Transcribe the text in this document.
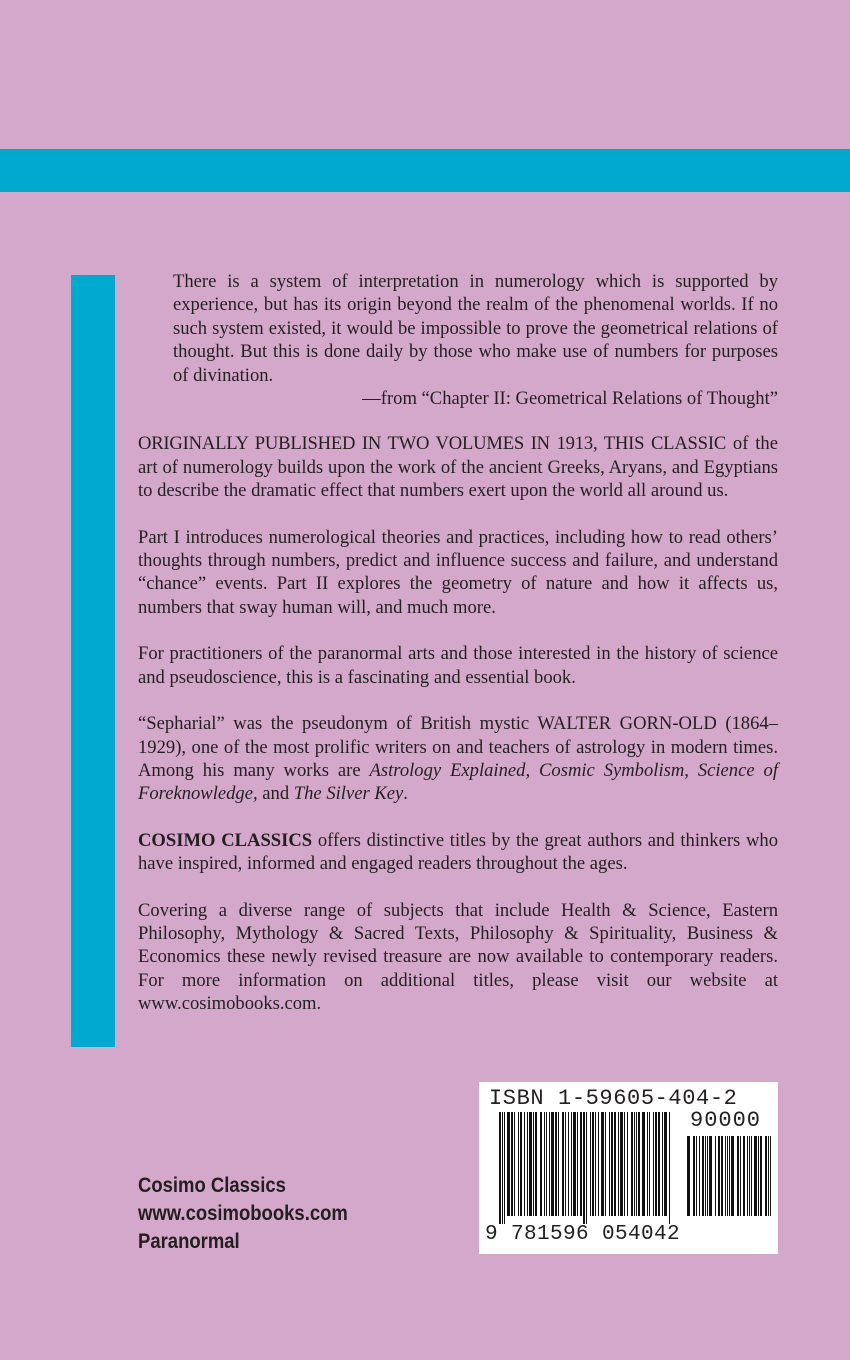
There is a system of interpretation in numerology which is supported by experience, but has its origin beyond the realm of the phenomenal worlds. If no such system existed, it would be impossible to prove the geometrical relations of thought. But this is done daily by those who make use of numbers for purposes of divination.

—from “Chapter II: Geometrical Relations of Thought”

ORIGINALLY PUBLISHED IN TWO VOLUMES IN 1913, THIS CLASSIC of the art of numerology builds upon the work of the ancient Greeks, Aryans, and Egyptians to describe the dramatic effect that numbers exert upon the world all around us.

Part I introduces numerological theories and practices, including how to read others’ thoughts through numbers, predict and influence success and failure, and understand “chance” events. Part II explores the geometry of nature and how it affects us, numbers that sway human will, and much more.

For practitioners of the paranormal arts and those interested in the history of science and pseudoscience, this is a fascinating and essential book.

“Sepharial” was the pseudonym of British mystic WALTER GORN-OLD (1864–1929), one of the most prolific writers on and teachers of astrology in modern times. Among his many works are Astrology Explained, Cosmic Symbolism, Science of Foreknowledge, and The Silver Key.

COSIMO CLASSICS offers distinctive titles by the great authors and thinkers who have inspired, informed and engaged readers throughout the ages.

Covering a diverse range of subjects that include Health & Science, Eastern Philosophy, Mythology & Sacred Texts, Philosophy & Spirituality, Business & Economics these newly revised treasure are now available to contemporary readers. For more information on additional titles, please visit our website at www.cosimobooks.com.

Cosimo Classics
www.cosimobooks.com
Paranormal
ISBN 1-59605-404-2
90000
9 781596 054042
